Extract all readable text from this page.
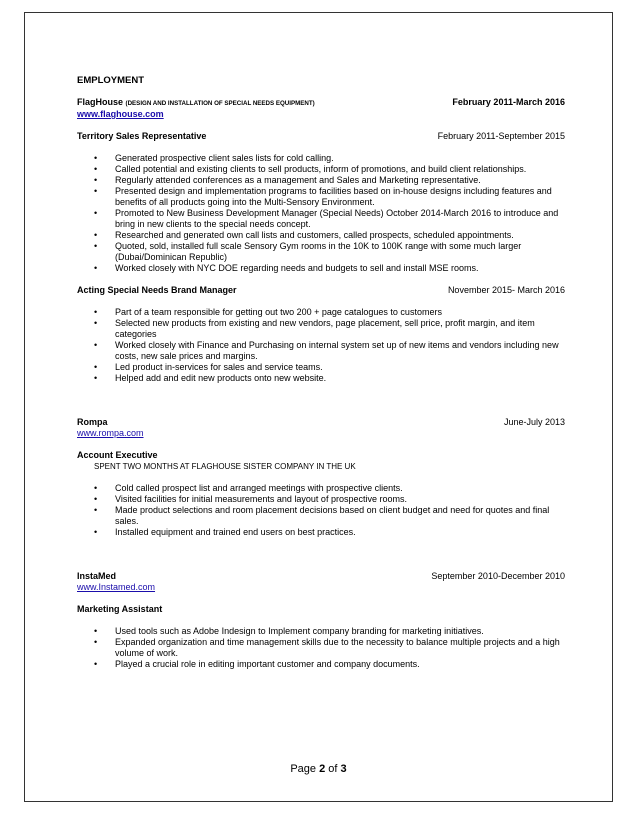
EMPLOYMENT
FlagHouse (DESIGN AND INSTALLATION OF SPECIAL NEEDS EQUIPMENT)	February 2011-March 2016
www.flaghouse.com
Territory Sales Representative	February 2011-September 2015
• Generated prospective client sales lists for cold calling.
• Called potential and existing clients to sell products, inform of promotions, and build client relationships.
• Regularly attended conferences as a management and Sales and Marketing representative.
• Presented design and implementation programs to facilities based on in-house designs including features and benefits of all products going into the Multi-Sensory Environment.
• Promoted to New Business Development Manager (Special Needs) October 2014-March 2016 to introduce and bring in new clients to the special needs concept.
• Researched and generated own call lists and customers, called prospects, scheduled appointments.
• Quoted, sold, installed full scale Sensory Gym rooms in the 10K to 100K range with some much larger (Dubai/Dominican Republic)
• Worked closely with NYC DOE regarding needs and budgets to sell and install MSE rooms.
Acting Special Needs Brand Manager	November 2015- March 2016
• Part of a team responsible for getting out two 200 + page catalogues to customers
• Selected new products from existing and new vendors, page placement, sell price, profit margin, and item categories
• Worked closely with Finance and Purchasing on internal system set up of new items and vendors including new costs, new sale prices and margins.
• Led product in-services for sales and service teams.
• Helped add and edit new products onto new website.
Rompa	June-July 2013
www.rompa.com
Account Executive
SPENT TWO MONTHS AT FLAGHOUSE SISTER COMPANY IN THE UK
• Cold called prospect list and arranged meetings with prospective clients.
• Visited facilities for initial measurements and layout of prospective rooms.
• Made product selections and room placement decisions based on client budget and need for quotes and final sales.
• Installed equipment and trained end users on best practices.
InstaMed	September 2010-December 2010
www.Instamed.com
Marketing Assistant
• Used tools such as Adobe Indesign to Implement company branding for marketing initiatives.
• Expanded organization and time management skills due to the necessity to balance multiple projects and a high volume of work.
• Played a crucial role in editing important customer and company documents.
Page 2 of 3
